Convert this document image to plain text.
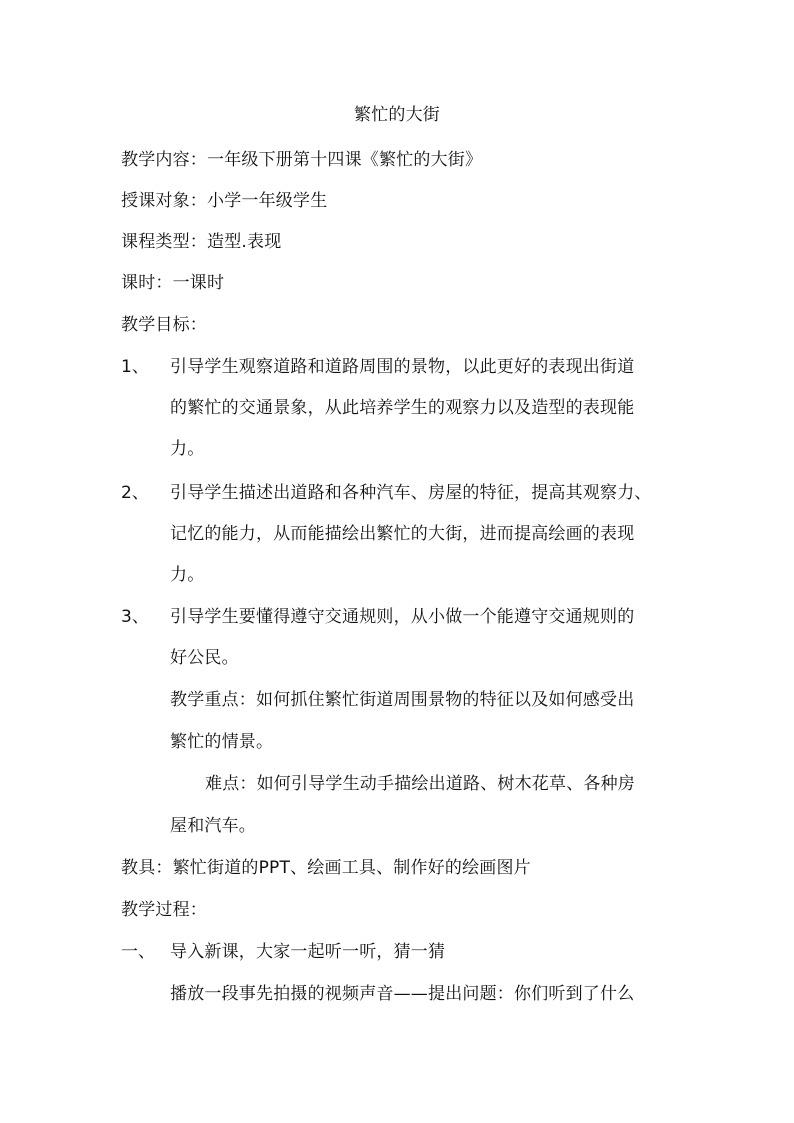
繁忙的大街
教学内容：一年级下册第十四课《繁忙的大街》
授课对象：小学一年级学生
课程类型：造型.表现
课时：一课时
教学目标：
1、 引导学生观察道路和道路周围的景物，以此更好的表现出街道
的繁忙的交通景象，从此培养学生的观察力以及造型的表现能
力。
2、 引导学生描述出道路和各种汽车、房屋的特征，提高其观察力、
记忆的能力，从而能描绘出繁忙的大街，进而提高绘画的表现
力。
3、 引导学生要懂得遵守交通规则，从小做一个能遵守交通规则的
好公民。
教学重点：如何抓住繁忙街道周围景物的特征以及如何感受出
繁忙的情景。
难点：如何引导学生动手描绘出道路、树木花草、各种房
屋和汽车。
教具：繁忙街道的PPT、绘画工具、制作好的绘画图片
教学过程：
一、 导入新课，大家一起听一听，猜一猜
播放一段事先拍摄的视频声音——提出问题：你们听到了什么
